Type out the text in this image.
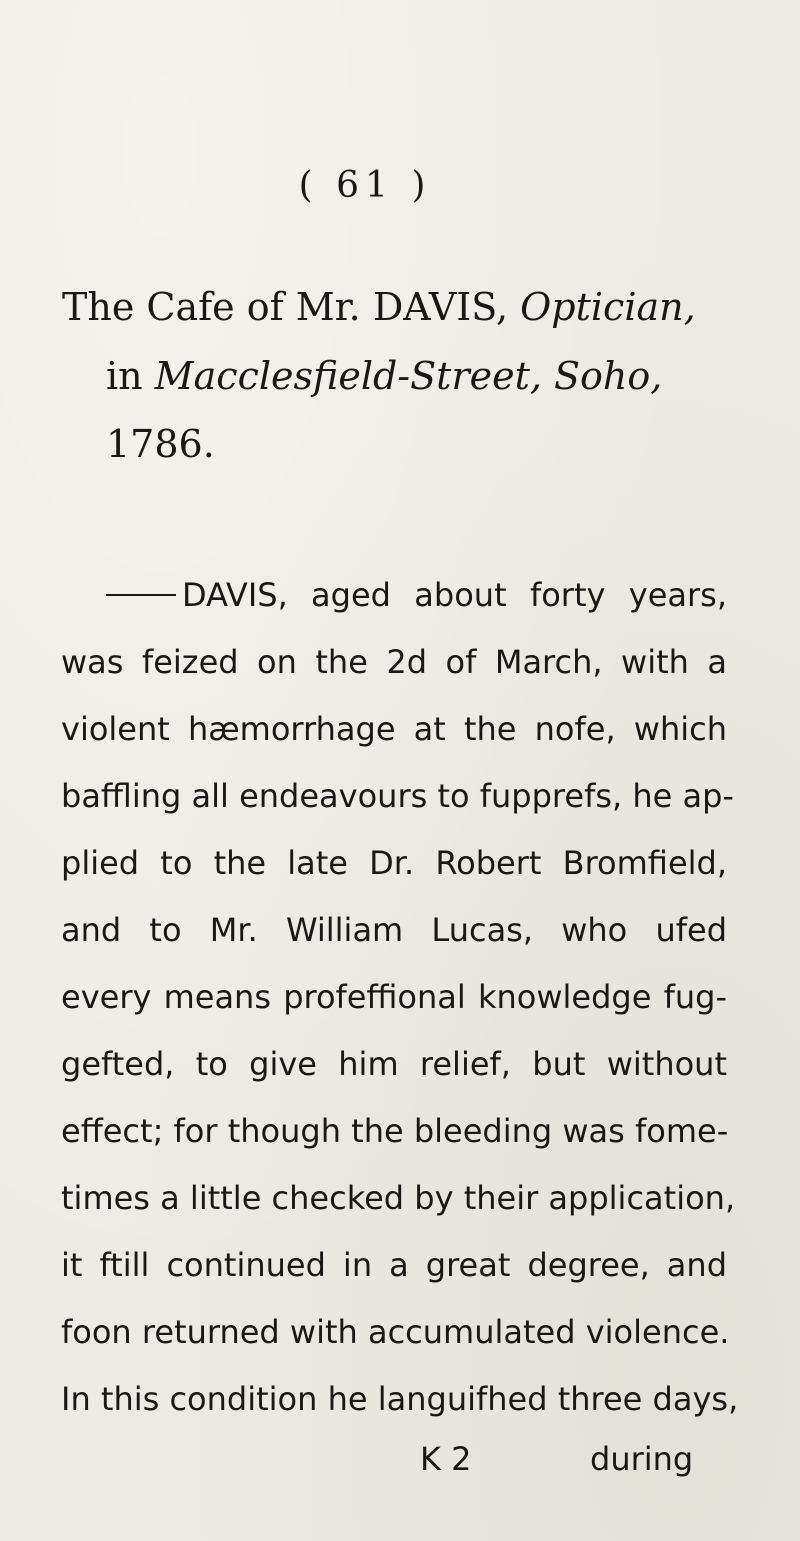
( 61 )
The Cafe of Mr. DAVIS, Optician,
in Macclesfield-Street, Soho,
1786.
DAVIS, aged about forty years,
was feized on the 2d of March, with a
violent hæmorrhage at the nofe, which
baffling all endeavours to fupprefs, he ap-
plied to the late Dr. Robert Bromfield,
and to Mr. William Lucas, who ufed
every means profeffional knowledge fug-
gefted, to give him relief, but without
effect; for though the bleeding was fome-
times a little checked by their application,
it ftill continued in a great degree, and
foon returned with accumulated violence.
In this condition he languifhed three days,
K 2	during
